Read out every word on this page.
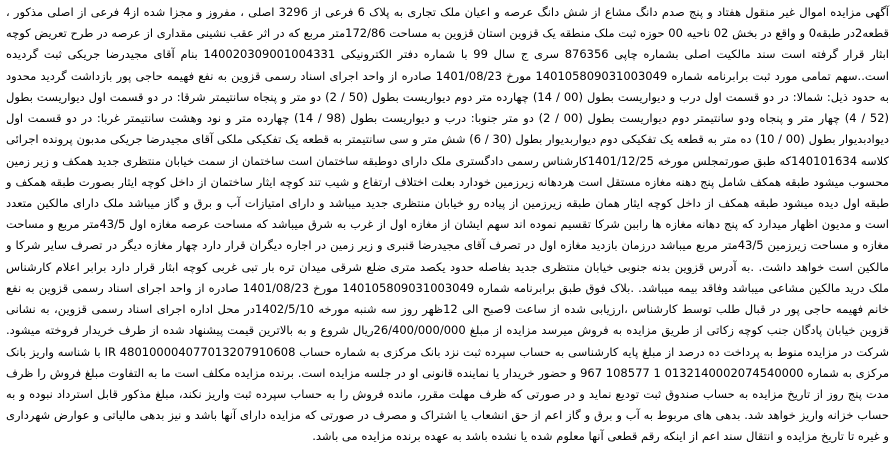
آگهی مزایده اموال غیر منقول هفتاد و پنج صدم دانگ مشاع از شش دانگ عرصه و اعیان ملک تجاری به پلاک 6 فرعی از 3296 اصلی ، مفروز و مجزا شده از4 فرعی از اصلی مذکور ، قطعه2در طبقه0 و واقع در بخش 02 ناحیه 00 حوزه ثبت ملک منطقه یک قزوین استان قزوین به مساحت 172/86متر مربع که در اثر عقب نشینی مقداری از عرصه در طرح تعریض کوچه ابثار قرار گرفته است سند مالکیت اصلی بشماره چاپی 876356 سری ج سال 99 با شماره دفتر الکترونیکی 140020309001004331 بنام آقای مجیدرضا جریکی ثبت گردیده است..سهم تمامی مورد ثبت برابرنامه شماره 140105809031003049 مورخ 1401/08/23 صادره از واحد اجرای اسناد رسمی قزوین به نفع فهیمه حاجی پور بازداشت گردید محدود به حدود ذیل: شمالا: در دو قسمت اول درب و دیواریست بطول (00 / 14) چهارده متر دوم دیواریست بطول (50 / 2) دو متر و پنجاه سانتیمتر شرقا: در دو قسمت اول دیواریست بطول (52 / 4) چهار متر و پنجاه ودو سانتیمتر دوم دیواریست بطول (00 / 2) دو متر جنوبا: درب و دیواریست بطول (98 / 14) چهارده متر و نود وهشت سانتیمتر غربا: در دو قسمت اول دیوادبدیوار بطول (00 / 10) ده متر به قطعه یک تفکیکی دوم دیواربدیوار بطول (30 / 6) شش متر و سی سانتیمتر به قطعه یک تفکیکی ملکی آقای مجیدرضا جریکی مدبون پرونده اجرائی کلاسه 140101634که طبق صورتمجلس مورخه 1401/12/25کارشناس رسمی دادگستری ملک دارای دوطبقه ساختمان است ساختمان از سمت خیابان منتظری جدید همکف و زیر زمین محسوب میشود طبقه همکف شامل پنج دهنه مغازه مستقل است هردهانه زیرزمین خودارد بعلت اختلاف ارتفاع و شیب تند کوچه ایثار ساختمان از داخل کوچه ایثار بصورت طبقه همکف و طبقه اول دیده میشود طبقه همکف از داخل کوچه ایثار همان طبقه زیرزمین از پیاده رو خیابان منتظری جدید میباشد و دارای امتیازات آب و برق و گاز میباشد ملک دارای مالکین متعدد است و مدیون اظهار میدارد که پنج دهانه مغازه ها راببن شرکا تقسیم نموده اند سهم ایشان از مغازه اول از غرب به شرق میباشد که مساحت عرصه مغازه اول 43/5متر مربع و مساحت مغازه و مساحت زیرزمین 43/5متر مربع میباشد درزمان بازدید مغازه اول در تصرف آقای مجیدرضا قنبری و زیر زمین در اجاره دیگران قرار دارد چهار مغازه دیگر در تصرف سایر شرکا و مالکین است خواهد داشت. .به آدرس قزوین بدنه جنوبی خیابان منتظری جدید بفاصله حدود یکصد متری ضلع شرقی میدان تره بار تبی غربی کوچه ابثار قرار دارد برابر اعلام کارشناس ملک درید مالکین مشاعی میباشد وفاقد بیمه میباشد. .بلاک فوق طبق برابرنامه شماره 140105809031003049 مورخ 1401/08/23 صادره از واحد اجرای اسناد رسمی قزوین به نفع خانم فهیمه حاجی پور در قبال طلب توسط کارشناس ،ارزیابی شده از ساعت 9صبح الی 12ظهر روز سه شنبه مورخه 1402/5/10در محل اداره اجرای اسناد رسمی قزوین، به نشانی قزوین خیابان پادگان جنب کوچه زکاتی از طریق مزایده به فروش میرسد مزایده از مبلغ 26/400/000/000ریال شروع و به بالاترین قیمت پیشنهاد شده از طرف خریدار فروخته میشود. شرکت در مزایده منوط به پرداخت ده درصد از مبلغ پایه کارشناسی به حساب سپرده ثبت نزد بانک مرکزی به شماره حساب IR 480100004077013207910608 با شناسه واریز بانک مرکزی به شماره 0132140002074540000 1 108577 967 و حضور خریدار یا نماینده قانونی او در جلسه مزایده است. برنده مزایده مکلف است ما به التفاوت مبلغ فروش را ظرف مدت پنج روز از تاریخ مزایده به حساب صندوق ثبت تودیع نماید و در صورتی که ظرف مهلت مقرر، مانده فروش را به حساب سپرده ثبت واریز نکند، مبلغ مذکور قابل استرداد نبوده و به حساب خزانه واریز خواهد شد. بدهی های مربوط به آب و برق و گاز اعم از حق انشعاب یا اشتراک و مصرف در صورتی که مزایده دارای آنها باشد و نیز بدهی مالیاتی و عوارض شهرداری و غیره تا تاریخ مزایده و انتقال سند اعم از اینکه رقم قطعی آنها معلوم شده یا نشده باشد به عهده برنده مزایده می باشد.
